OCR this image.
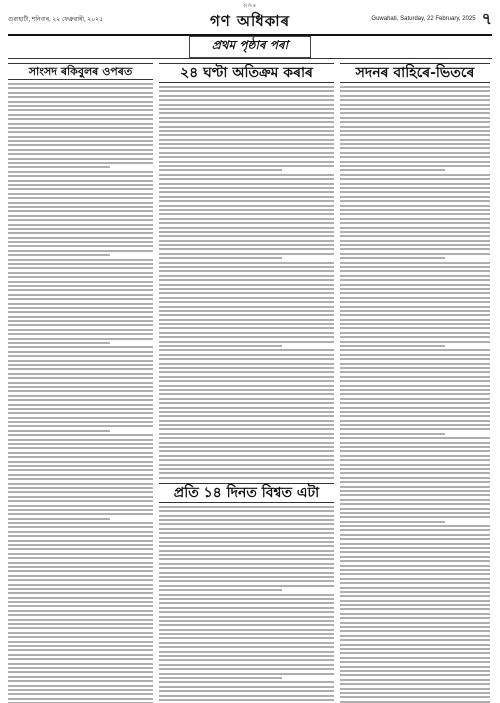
গুৱাহাটী, শনিবাৰ, ২২ ফেব্ৰুৱাৰী, ২০২৫
দৈনিক
গণ অধিকাৰ	Guwahati, Saturday, 22 February, 2025 ৭
প্ৰথম পৃষ্ঠাৰ পৰা
সাংসদ ৰকিবুলৰ ওপৰত	২৪ ঘণ্টা অতিক্ৰম কৰাৰ
প্ৰতি ১৪ দিনত বিশ্বত এটা
সদনৰ বাহিৰে-ভিতৰে
